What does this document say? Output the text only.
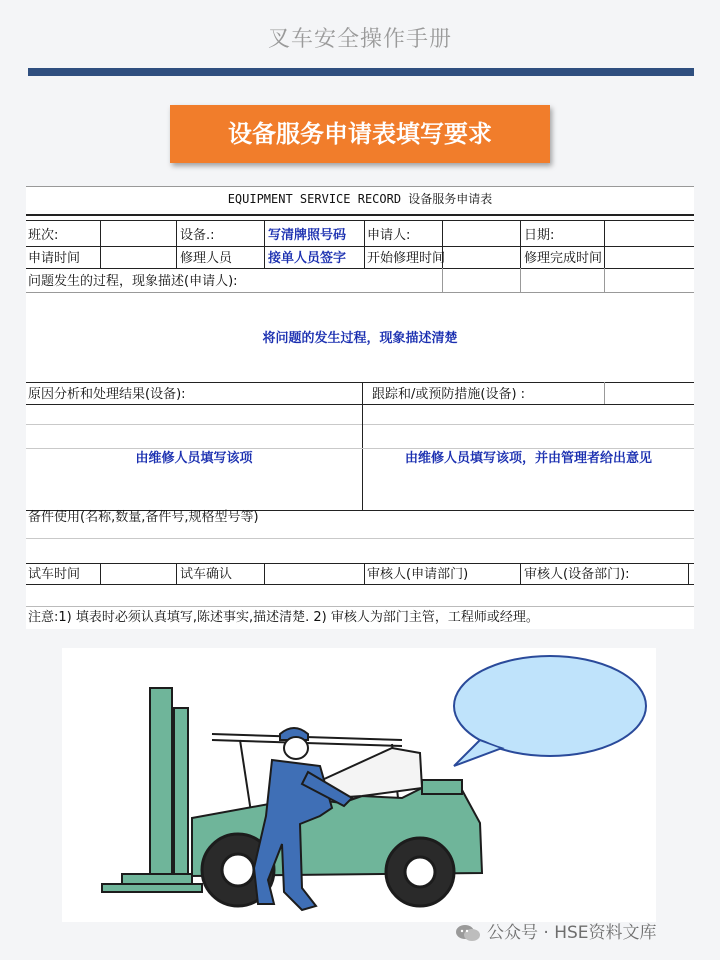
叉车安全操作手册
设备服务申请表填写要求
EQUIPMENT SERVICE RECORD 设备服务申请表
班次:	设备.:	写清牌照号码 申请人:	日期:
申请时间	修理人员	接单人员签字 开始修理时间	修理完成时间
问题发生的过程，现象描述(申请人):
将问题的发生过程，现象描述清楚
原因分析和处理结果(设备):	跟踪和/或预防措施(设备) :
由维修人员填写该项	由维修人员填写该项，并由管理者给出意见
备件使用(名称,数量,备件号,规格型号等)
试车时间	试车确认	审核人(申请部门)	审核人(设备部门):
注意:1) 填表时必须认真填写,陈述事实,描述清楚. 2) 审核人为部门主管，工程师或经理。
公众号 · HSE资料文库
